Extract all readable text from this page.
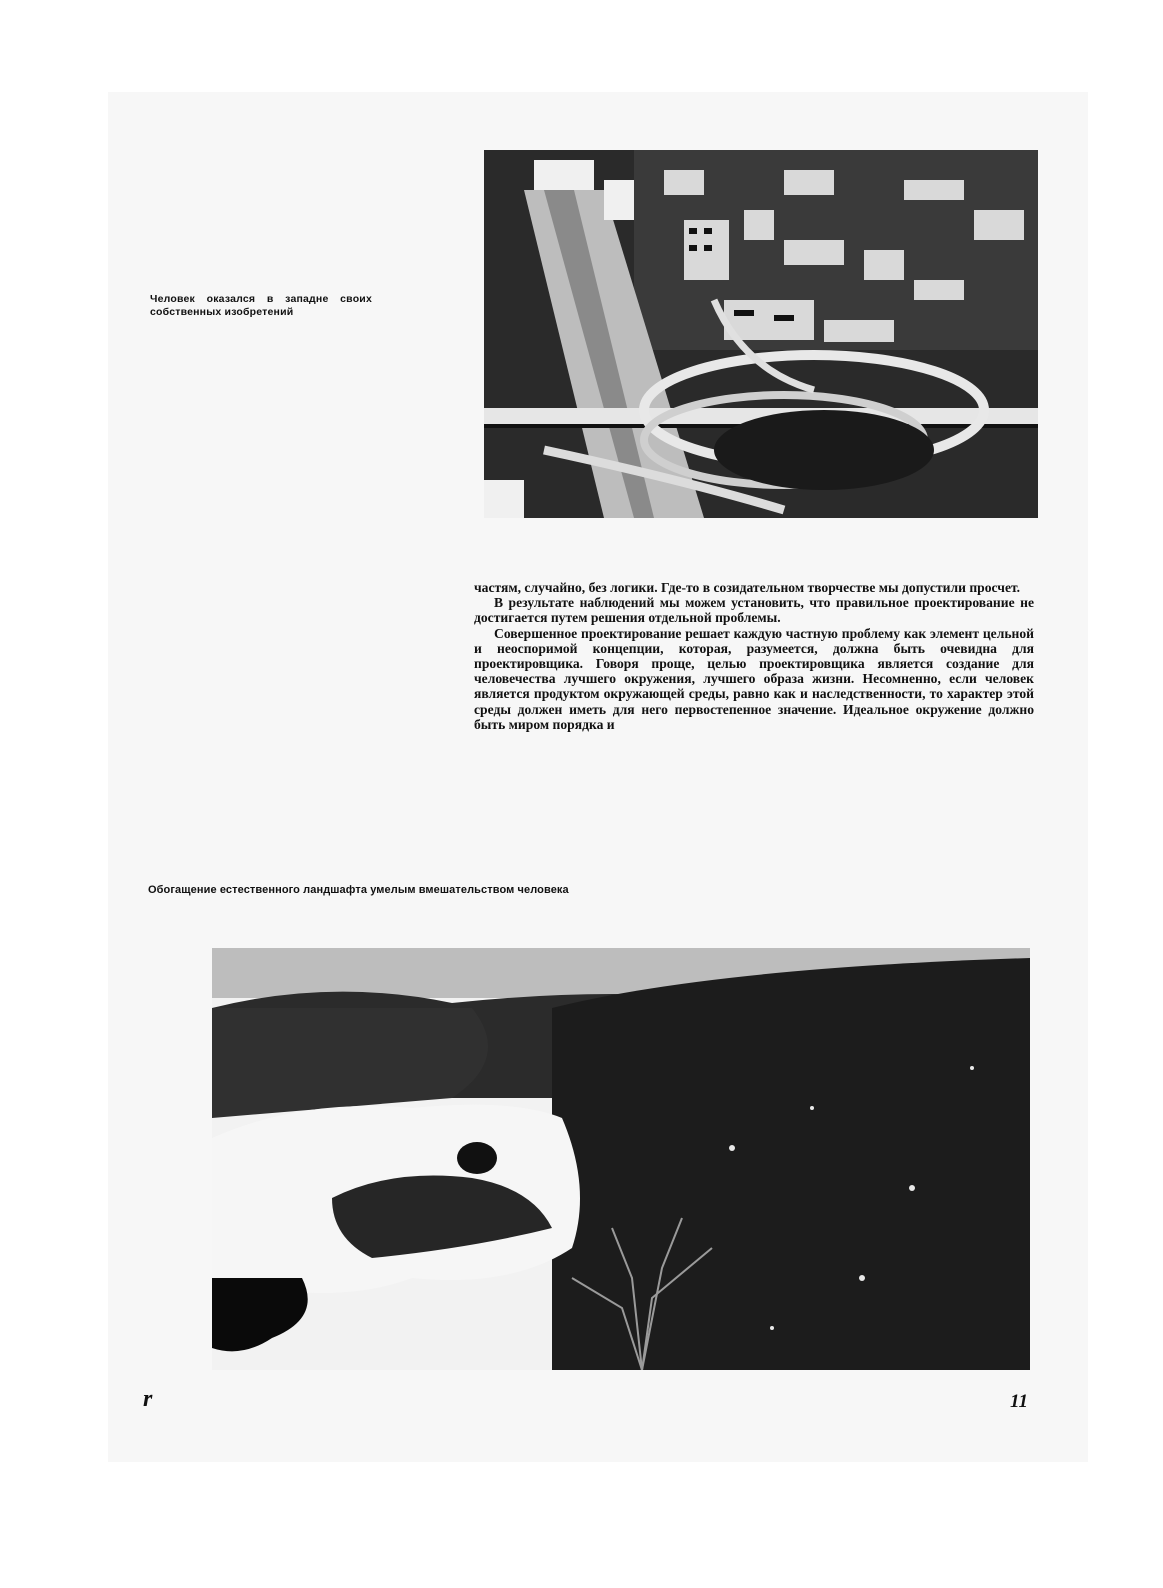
Человек оказался в западне своих собственных изобретений

частям, случайно, без логики. Где-то в созидательном творчестве мы допустили просчет.

В результате наблюдений мы можем установить, что правильное проектирование не достигается путем решения отдельной проблемы.

Совершенное проектирование решает каждую частную проблему как элемент цельной и неоспоримой концепции, которая, разумеется, должна быть очевидна для проектировщика. Говоря проще, целью проектировщика является создание для человечества лучшего окружения, лучшего образа жизни. Несомненно, если человек является продуктом окружающей среды, равно как и наследственности, то характер этой среды должен иметь для него первостепенное значение. Идеальное окружение должно быть миром порядка и

Обогащение естественного ландшафта умелым вмешательством человека
r	11
